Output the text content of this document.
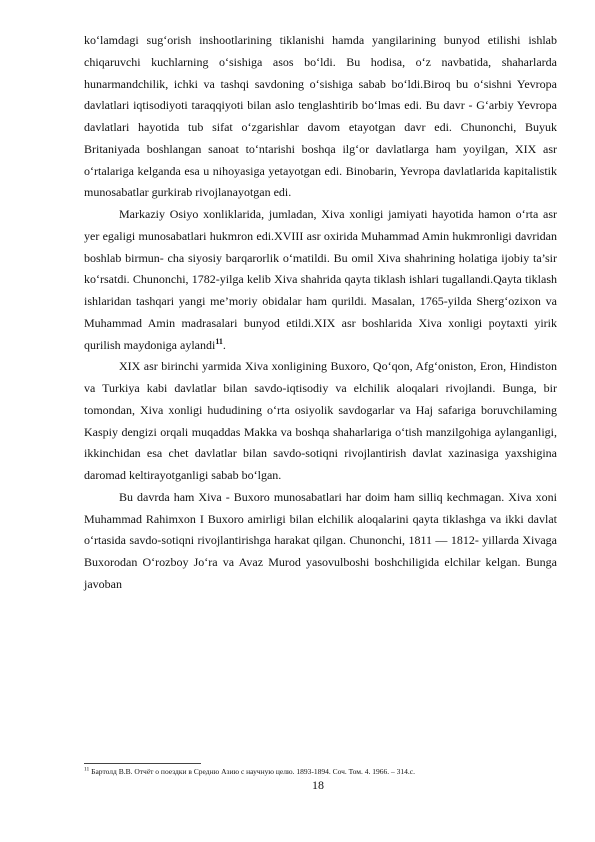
ko‘lamdagi sug‘orish inshootlarining tiklanishi hamda yangilarining bunyod etilishi ishlab chiqaruvchi kuchlarning o‘sishiga asos bo‘ldi. Bu hodisa, o‘z navbatida, shaharlarda hunarmandchilik, ichki va tashqi savdoning o‘sishiga sabab bo‘ldi.Biroq bu o‘sishni Yevropa davlatlari iqtisodiyoti taraqqiyoti bilan aslo tenglashtirib bo‘lmas edi. Bu davr - G‘arbiy Yevropa davlatlari hayotida tub sifat o‘zgarishlar davom etayotgan davr edi. Chunonchi, Buyuk Britaniyada boshlangan sanoat to‘ntarishi boshqa ilg‘or davlatlarga ham yoyilgan, XIX asr o‘rtalariga kelganda esa u nihoyasiga yetayotgan edi. Binobarin, Yevropa davlatlarida kapitalistik munosabatlar gurkirab rivojlanayotgan edi.

Markaziy Osiyo xonliklarida, jumladan, Xiva xonligi jamiyati hayotida hamon o‘rta asr yer egaligi munosabatlari hukmron edi.XVIII asr oxirida Muhammad Amin hukmronligi davridan boshlab birmun- cha siyosiy barqarorlik o‘matildi. Bu omil Xiva shahrining holatiga ijobiy ta’sir ko‘rsatdi. Chunonchi, 1782-yilga kelib Xiva shahrida qayta tiklash ishlari tugallandi.Qayta tiklash ishlaridan tashqari yangi me’moriy obidalar ham qurildi. Masalan, 1765-yilda Sherg‘ozixon va Muhammad Amin madrasalari bunyod etildi.XIX asr boshlarida Xiva xonligi poytaxti yirik qurilish maydoniga aylandi$^{11}$.

XIX asr birinchi yarmida Xiva xonligining Buxoro, Qo‘qon, Afg‘oniston, Eron, Hindiston va Turkiya kabi davlatlar bilan savdo-iqtisodiy va elchilik aloqalari rivojlandi. Bunga, bir tomondan, Xiva xonligi hududining o‘rta osiyolik savdogarlar va Haj safariga boruvchilaming Kaspiy dengizi orqali muqaddas Makka va boshqa shaharlariga o‘tish manzilgohiga aylanganligi, ikkinchidan esa chet davlatlar bilan savdo-sotiqni rivojlantirish davlat xazinasiga yaxshigina daromad keltirayotganligi sabab bo‘lgan.

Bu davrda ham Xiva - Buxoro munosabatlari har doim ham silliq kechmagan. Xiva xoni Muhammad Rahimxon I Buxoro amirligi bilan elchilik aloqalarini qayta tiklashga va ikki davlat o‘rtasida savdo-sotiqni rivojlantirishga harakat qilgan. Chunonchi, 1811 — 1812- yillarda Xivaga Buxorodan O‘rozboy Jo‘ra va Avaz Murod yasovulboshi boshchiligida elchilar kelgan. Bunga javoban

$^{11}$ Бартолд В.В. Отчёт о поездки в Средню Азию с научную целю. 1893-1894. Соч. Том. 4. 1966. – 314.с.
18
